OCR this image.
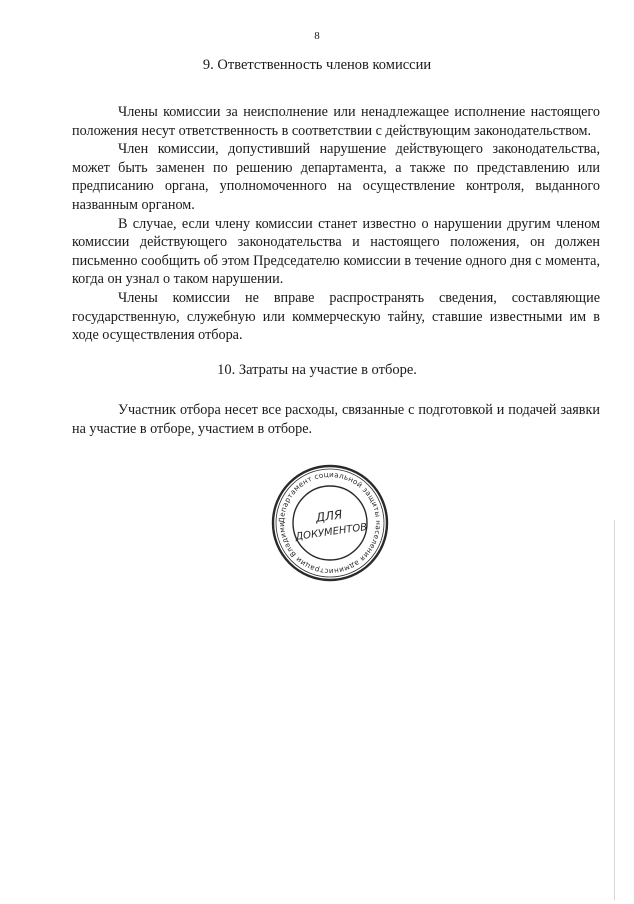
8
9. Ответственность членов комиссии

Члены комиссии за неисполнение или ненадлежащее исполнение настоящего положения несут ответственность в соответствии с действующим законодательством.

Член комиссии, допустивший нарушение действующего законодательства, может быть заменен по решению департамента, а также по представлению или предписанию органа, уполномоченного на осуществление контроля, выданного названным органом.

В случае, если члену комиссии станет известно о нарушении другим членом комиссии действующего законодательства и настоящего положения, он должен письменно сообщить об этом Председателю комиссии в течение одного дня с момента, когда он узнал о таком нарушении.

Члены комиссии не вправе распространять сведения, составляющие государственную, служебную или коммерческую тайну, ставшие известными им в ходе осуществления отбора.

10. Затраты на участие в отборе.

Участник отбора несет все расходы, связанные с подготовкой и подачей заявки на участие в отборе, участием в отборе.

Департамент социальной защиты населения администрации Владими	ДЛЯ
ДОКУМЕНТОВ
